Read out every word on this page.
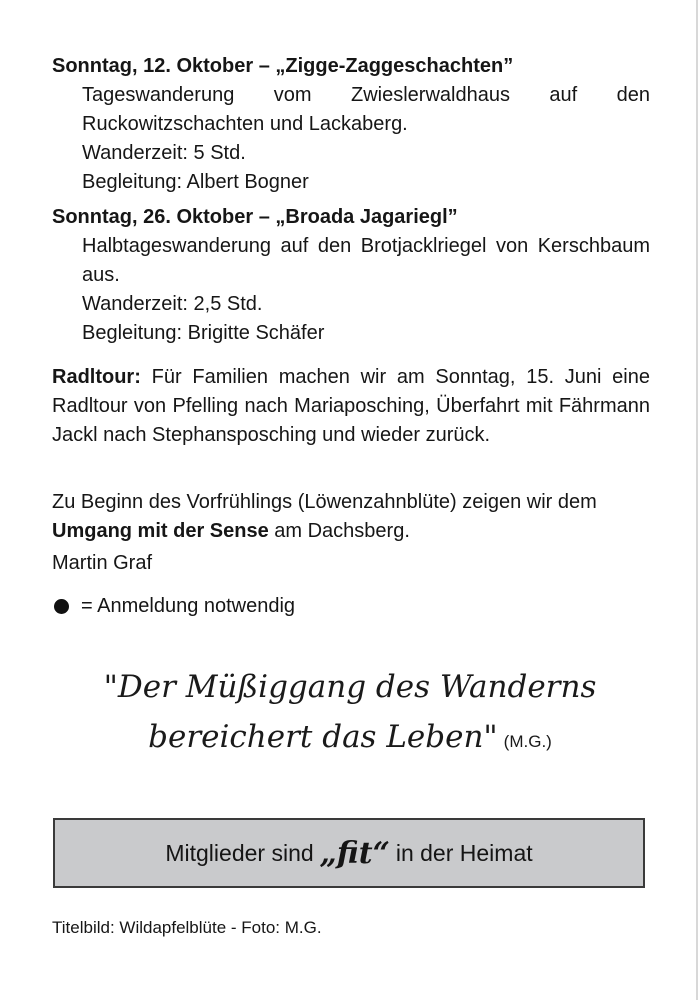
Sonntag, 12. Oktober – „Zigge-Zaggeschachten”
Tageswanderung vom Zwieslerwaldhaus auf den Ruckowitzschachten und Lackaberg.
Wanderzeit: 5 Std.
Begleitung: Albert Bogner
Sonntag, 26. Oktober – „Broada Jagariegl”
Halbtageswanderung auf den Brotjacklriegel von Kerschbaum aus.
Wanderzeit: 2,5 Std.
Begleitung: Brigitte Schäfer
Radltour: Für Familien machen wir am Sonntag, 15. Juni eine Radltour von Pfelling nach Mariaposching, Überfahrt mit Fährmann Jackl nach Stephansposching und wieder zurück.
Zu Beginn des Vorfrühlings (Löwenzahnblüte) zeigen wir dem Umgang mit der Sense am Dachsberg.
Martin Graf
= Anmeldung notwendig
"Der Müßiggang des Wanderns
bereichert das Leben" (M.G.)
Mitglieder sind „fit“ in der Heimat
Titelbild: Wildapfelblüte - Foto: M.G.
